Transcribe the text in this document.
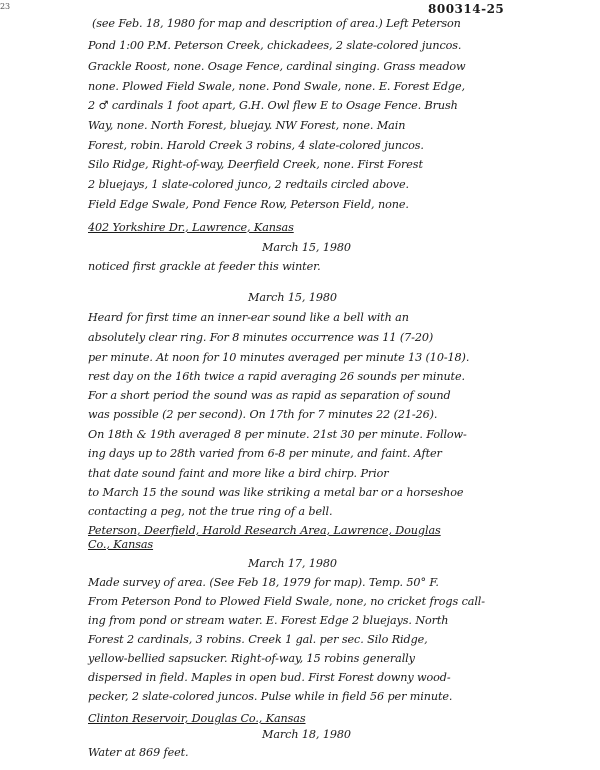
23	800314-25
(see Feb. 18, 1980 for map and description of area.) Left Peterson
Pond 1:00 P.M. Peterson Creek, chickadees, 2 slate-colored juncos.
Grackle Roost, none. Osage Fence, cardinal singing. Grass meadow
none. Plowed Field Swale, none. Pond Swale, none. E. Forest Edge,
2 ♂ cardinals 1 foot apart, G.H. Owl flew E to Osage Fence. Brush
Way, none. North Forest, bluejay. NW Forest, none. Main
Forest, robin. Harold Creek 3 robins, 4 slate-colored juncos.
Silo Ridge, Right-of-way, Deerfield Creek, none. First Forest
2 bluejays, 1 slate-colored junco, 2 redtails circled above.
Field Edge Swale, Pond Fence Row, Peterson Field, none.
402 Yorkshire Dr., Lawrence, Kansas
March 15, 1980
noticed first grackle at feeder this winter.
March 15, 1980
Heard for first time an inner-ear sound like a bell with an
absolutely clear ring. For 8 minutes occurrence was 11 (7-20)
per minute. At noon for 10 minutes averaged per minute 13 (10-18).
rest day on the 16th twice a rapid averaging 26 sounds per minute.
For a short period the sound was as rapid as separation of sound
was possible (2 per second). On 17th for 7 minutes 22 (21-26).
On 18th & 19th averaged 8 per minute. 21st 30 per minute. Follow-
ing days up to 28th varied from 6-8 per minute, and faint. After
that date sound faint and more like a bird chirp. Prior
to March 15 the sound was like striking a metal bar or a horseshoe
contacting a peg, not the true ring of a bell.
Peterson, Deerfield, Harold Research Area, Lawrence, Douglas
Co., Kansas
March 17, 1980
Made survey of area. (See Feb 18, 1979 for map). Temp. 50° F.
From Peterson Pond to Plowed Field Swale, none, no cricket frogs call-
ing from pond or stream water. E. Forest Edge 2 bluejays. North
Forest 2 cardinals, 3 robins. Creek 1 gal. per sec. Silo Ridge,
yellow-bellied sapsucker. Right-of-way, 15 robins generally
dispersed in field. Maples in open bud. First Forest downy wood-
pecker, 2 slate-colored juncos. Pulse while in field 56 per minute.
Clinton Reservoir, Douglas Co., Kansas
March 18, 1980
Water at 869 feet.
